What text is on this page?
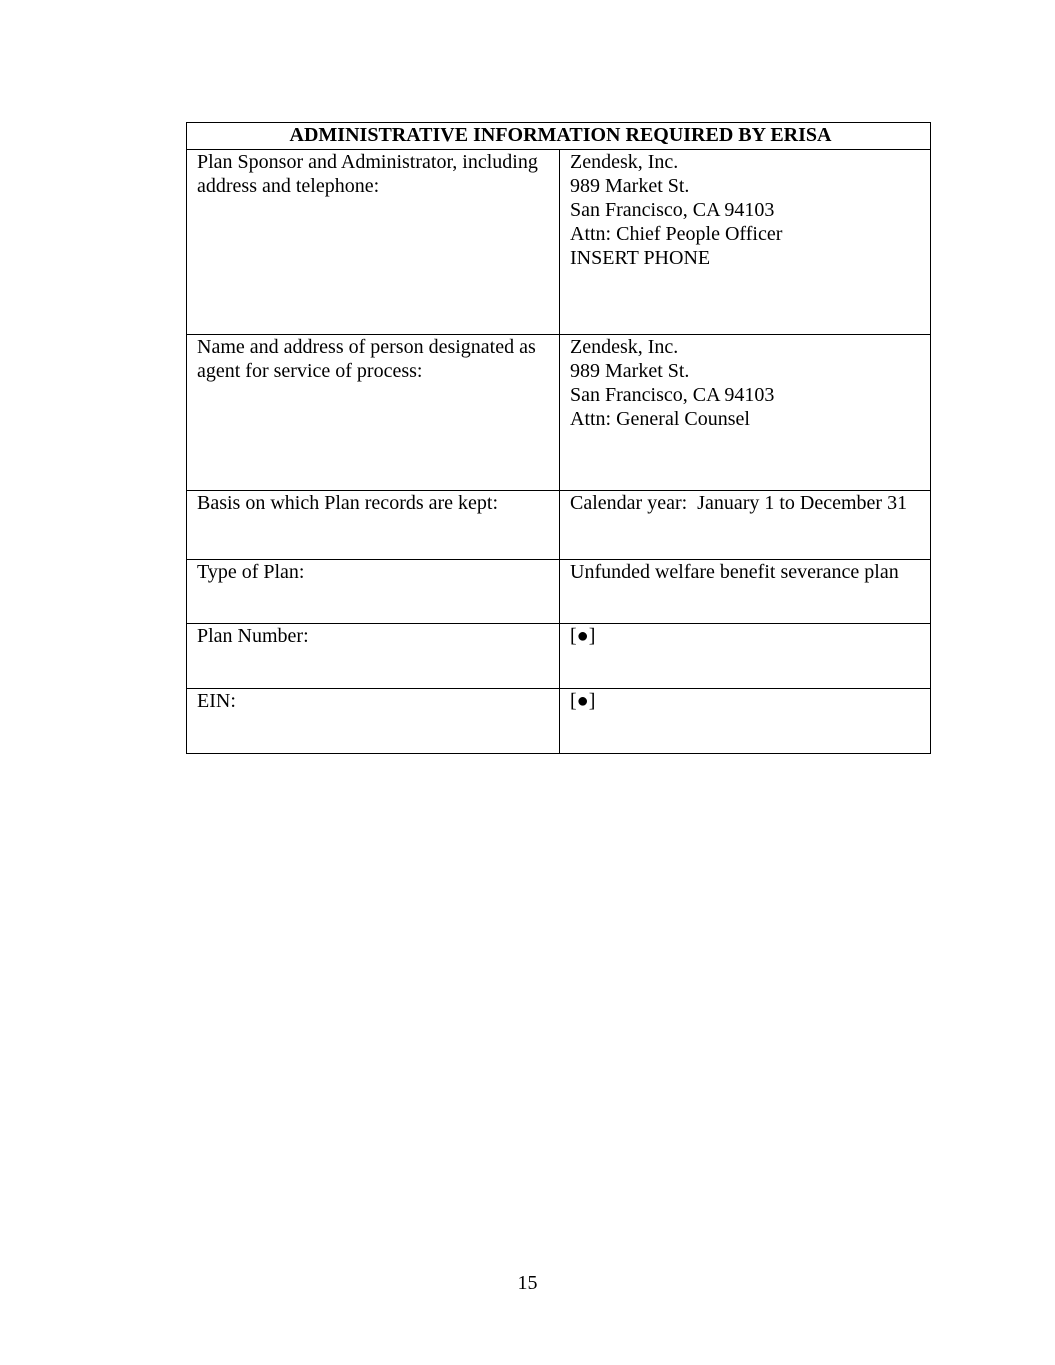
ADMINISTRATIVE INFORMATION REQUIRED BY ERISA	

Plan Sponsor and Administrator, including address and telephone:	Zendesk, Inc.
989 Market St.
San Francisco, CA 94103
Attn: Chief People Officer
INSERT PHONE

Name and address of person designated as agent for service of process:	Zendesk, Inc.
989 Market St.
San Francisco, CA 94103
Attn: General Counsel

Basis on which Plan records are kept:	Calendar year:  January 1 to December 31

Type of Plan:	Unfunded welfare benefit severance plan

Plan Number:	[●]

EIN:	[●]
15
